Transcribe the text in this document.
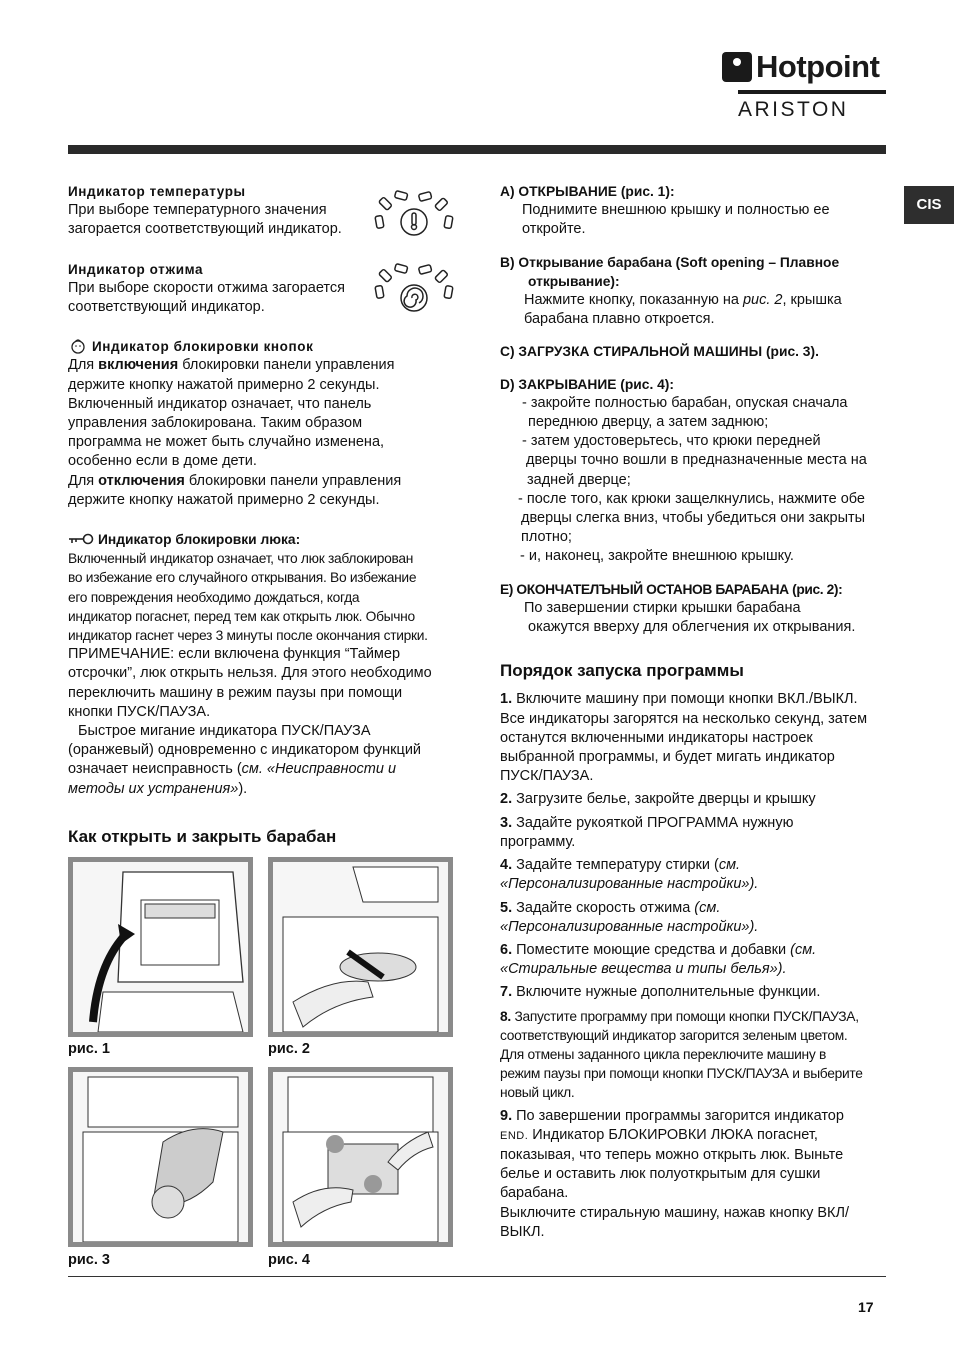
Hotpoint
ARISTON
CIS

Индикатор температуры

При выборе температурного значения

загорается соответствующий индикатор.

Индикатор отжима

При выборе скорости отжима загорается

соответствующий индикатор.

Индикатор блокировки кнопок

Для включения блокировки панели управления

держите кнопку нажатой примерно 2 секунды.

Включенный индикатор означает, что панель

управления заблокирована. Таким образом

программа не может быть случайно изменена,

особенно если в доме дети.

Для отключения блокировки панели управления

держите кнопку нажатой примерно 2 секунды.

Индикатор блокировки люка:

Включенный индикатор означает, что люк заблокирован

во избежание его случайного открывания. Во избежание

его повреждения необходимо дождаться, когда

индикатор погаснет, перед тем как открыть люк. Обычно

индикатор гаснет через 3 минуты после окончания стирки.

ПРИМЕЧАНИЕ: если включена функция “Таймер

отсрочки”, люк открыть нельзя. Для этого необходимо

переключить машину в режим паузы при помощи

кнопки ПУСК/ПАУЗА.

Быстрое мигание индикатора ПУСК/ПАУЗА

(оранжевый) одновременно с индикатором функций

означает неисправность (см. «Неисправности и

методы их устранения»).

Как открыть и закрыть барабан

рис. 1	рис. 2
рис. 3	рис. 4

A) ОТКРЫВАНИЕ (рис. 1):

Поднимите внешнюю крышку и полностью ее

откройте.

B) Открывание барабана (Soft opening – Плавное

открывание):

Нажмите кнопку, показанную на рис. 2, крышка

барабана плавно откроется.

C) ЗАГРУЗКА СТИРАЛЬНОЙ МАШИНЫ (рис. 3).

D) ЗАКРЫВАНИЕ (рис. 4):

- закройте полностью барабан, опуская сначала

переднюю дверцу, а затем заднюю;

- затем удостоверьтесь, что крюки передней

дверцы точно вошли в предназначенные места на

задней дверце;

- после того, как крюки защелкнулись, нажмите обе

дверцы слегка вниз, чтобы убедиться они закрыты

плотно;

- и, наконец, закройте внешнюю крышку.

E) ОКОНЧАТЕЛЪНЫЙ ОСТАНОВ БАРАБАНА (рис. 2):

По завершении стирки крышки барабана

окажутся вверху для облегчения их открывания.

Порядок запуска программы

1. Включите машину при помощи кнопки ВКЛ./ВЫКЛ.

Все индикаторы загорятся на несколько секунд, затем

останутся включенными индикаторы настроек

выбранной программы, и будет мигать индикатор

ПУСК/ПАУЗА.

2. Загрузите белье, закройте дверцы и крышку

3. Задайте рукояткой ПРОГРАММА нужную

программу.

4. Задайте температуру стирки (см.

«Персонализированные настройки»).

5. Задайте скорость отжима (см.

«Персонализированные настройки»).

6. Поместите моющие средства и добавки (см.

«Стиральные вещества и типы белья»).

7. Включите нужные дополнительные функции.

8. Запустите программу при помощи кнопки ПУСК/ПАУЗА,

соответствующий индикатор загорится зеленым цветом.

Для отмены заданного цикла переключите машину в

режим паузы при помощи кнопки ПУСК/ПАУЗА и выберите

новый цикл.

9. По завершении программы загорится индикатор

END. Индикатор БЛОКИРОВКИ ЛЮКА погаснет,

показывая, что теперь можно открыть люк. Выньте

белье и оставить люк полуоткрытым для сушки

барабана.

Выключите стиральную машину, нажав кнопку ВКЛ/

ВЫКЛ.

17
